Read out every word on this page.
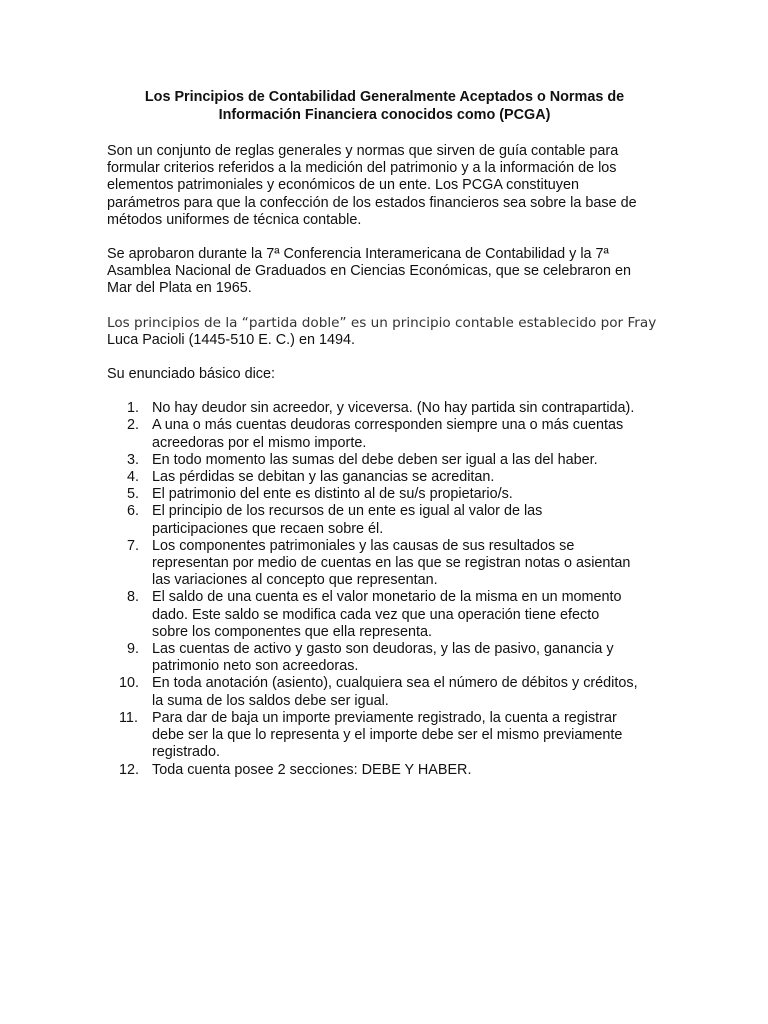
Los Principios de Contabilidad Generalmente Aceptados o Normas de
Información Financiera conocidos como (PCGA)

Son un conjunto de reglas generales y normas que sirven de guía contable para
formular criterios referidos a la medición del patrimonio y a la información de los
elementos patrimoniales y económicos de un ente. Los PCGA constituyen
parámetros para que la confección de los estados financieros sea sobre la base de
métodos uniformes de técnica contable.

Se aprobaron durante la 7ª Conferencia Interamericana de Contabilidad y la 7ª
Asamblea Nacional de Graduados en Ciencias Económicas, que se celebraron en
Mar del Plata en 1965.

Los principios de la “partida doble” es un principio contable establecido por Fray
Luca Pacioli (1445-510 E. C.) en 1494.

Su enunciado básico dice:

1. No hay deudor sin acreedor, y viceversa. (No hay partida sin contrapartida).
2. A una o más cuentas deudoras corresponden siempre una o más cuentas
acreedoras por el mismo importe.
3. En todo momento las sumas del debe deben ser igual a las del haber.
4. Las pérdidas se debitan y las ganancias se acreditan.
5. El patrimonio del ente es distinto al de su/s propietario/s.
6. El principio de los recursos de un ente es igual al valor de las
participaciones que recaen sobre él.
7. Los componentes patrimoniales y las causas de sus resultados se
representan por medio de cuentas en las que se registran notas o asientan
las variaciones al concepto que representan.
8. El saldo de una cuenta es el valor monetario de la misma en un momento
dado. Este saldo se modifica cada vez que una operación tiene efecto
sobre los componentes que ella representa.
9. Las cuentas de activo y gasto son deudoras, y las de pasivo, ganancia y
patrimonio neto son acreedoras.
10. En toda anotación (asiento), cualquiera sea el número de débitos y créditos,
la suma de los saldos debe ser igual.
11. Para dar de baja un importe previamente registrado, la cuenta a registrar
debe ser la que lo representa y el importe debe ser el mismo previamente
registrado.
12. Toda cuenta posee 2 secciones: DEBE Y HABER.
